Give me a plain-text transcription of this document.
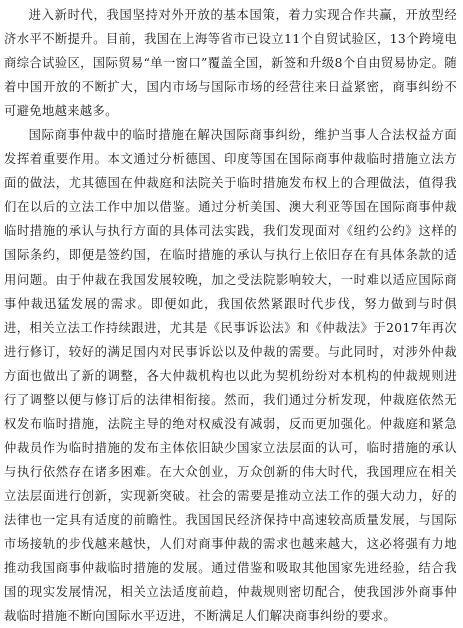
进入新时代，我国坚持对外开放的基本国策，着力实现合作共赢，开放型经济水平不断提升。目前，我国在上海等省市已设立11个自贸试验区，13个跨境电商综合试验区，国际贸易“单一窗口”覆盖全国，新签和升级8个自由贸易协定。随着中国开放的不断扩大，国内市场与国际市场的经营往来日益紧密，商事纠纷不可避免地越来越多。

国际商事仲裁中的临时措施在解决国际商事纠纷，维护当事人合法权益方面发挥着重要作用。本文通过分析德国、印度等国在国际商事仲裁临时措施立法方面的做法，尤其德国在仲裁庭和法院关于临时措施发布权上的合理做法，值得我们在以后的立法工作中加以借鉴。通过分析美国、澳大利亚等国在国际商事仲裁临时措施的承认与执行方面的具体司法实践，我们发现面对《纽约公约》这样的国际条约，即便是签约国，在临时措施的承认与执行上依旧存在有具体条款的适用问题。由于仲裁在我国发展较晚，加之受法院影响较大，一时难以适应国际商事仲裁迅猛发展的需求。即便如此，我国依然紧跟时代步伐，努力做到与时俱进，相关立法工作持续跟进，尤其是《民事诉讼法》和《仲裁法》于2017年再次进行修订，较好的满足国内对民事诉讼以及仲裁的需要。与此同时，对涉外仲裁方面也做出了新的调整，各大仲裁机构也以此为契机纷纷对本机构的仲裁规则进行了调整以便与修订后的法律相衔接。然而，我们通过分析发现，仲裁庭依然无权发布临时措施，法院主导的绝对权威没有减弱，反而更加强化。仲裁庭和紧急仲裁员作为临时措施的发布主体依旧缺少国家立法层面的认可，临时措施的承认与执行依然存在诸多困难。在大众创业，万众创新的伟大时代，我国理应在相关立法层面进行创新，实现新突破。社会的需要是推动立法工作的强大动力，好的法律也一定具有适度的前瞻性。我国国民经济保持中高速较高质量发展，与国际市场接轨的步伐越来越快，人们对商事仲裁的需求也越来越大，这必将强有力地推动我国商事仲裁临时措施的发展。通过借鉴和吸取其他国家先进经验，结合我国的现实发展情况，相关立法适度前趋，仲裁规则密切配合，使我国涉外商事仲裁临时措施不断向国际水平迈进，不断满足人们解决商事纠纷的要求。
